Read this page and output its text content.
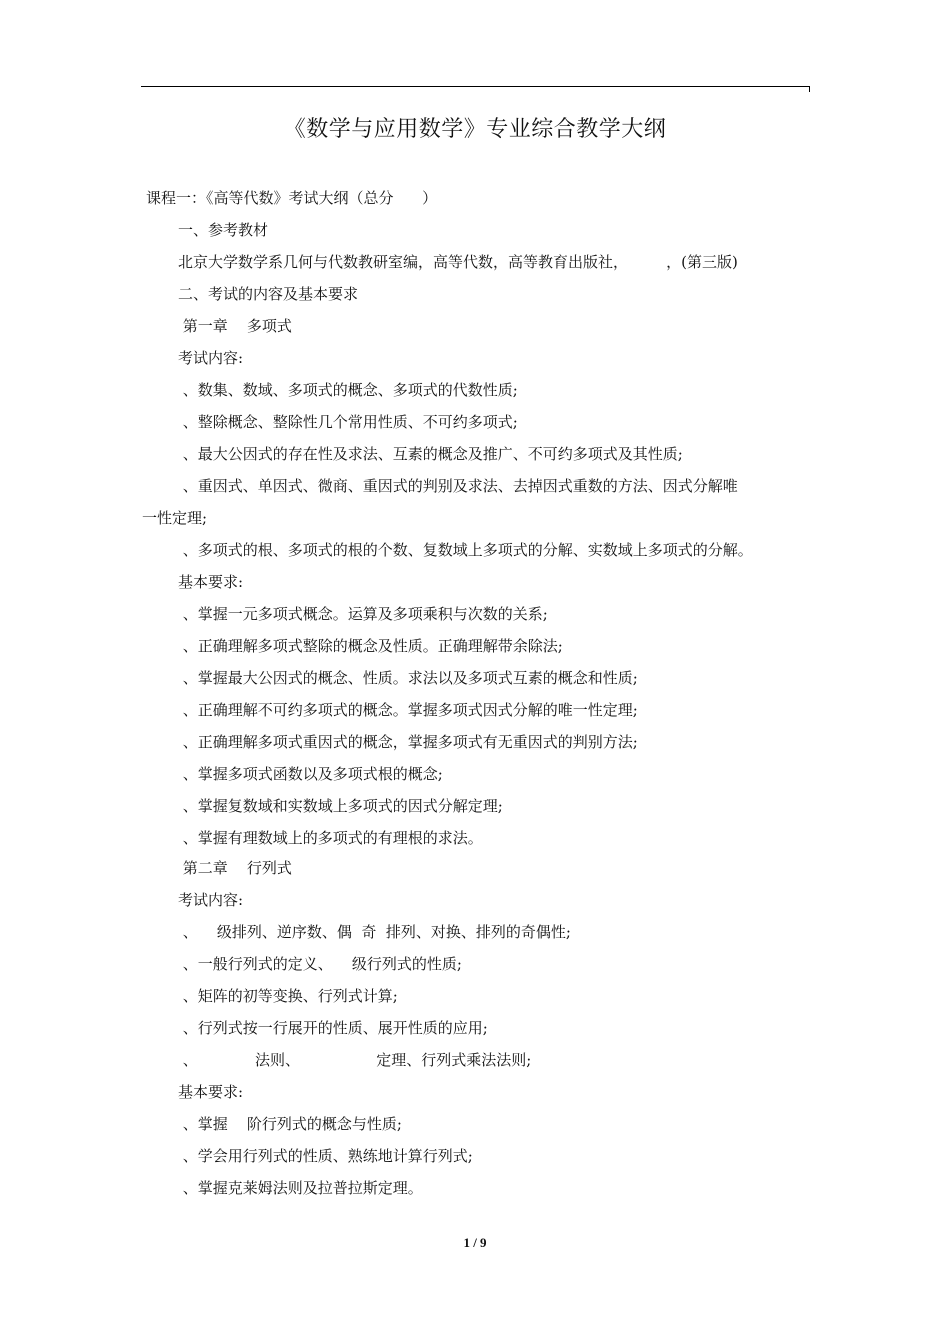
《数学与应用数学》专业综合教学大纲
课程一：《高等代数》考试大纲（总分      ）
一、参考教材
北京大学数学系几何与代数教研室编，高等代数，高等教育出版社，        ，(第三版)
二、考试的内容及基本要求
第一章    多项式
考试内容:
、数集、数域、多项式的概念、多项式的代数性质;
、整除概念、整除性几个常用性质、不可约多项式;
、最大公因式的存在性及求法、互素的概念及推广、不可约多项式及其性质;
、重因式、单因式、微商、重因式的判别及求法、去掉因式重数的方法、因式分解唯
一性定理;
、多项式的根、多项式的根的个数、复数域上多项式的分解、实数域上多项式的分解。
基本要求:
、掌握一元多项式概念。运算及多项乘积与次数的关系;
、正确理解多项式整除的概念及性质。正确理解带余除法;
、掌握最大公因式的概念、性质。求法以及多项式互素的概念和性质;
、正确理解不可约多项式的概念。掌握多项式因式分解的唯一性定理;
、正确理解多项式重因式的概念，掌握多项式有无重因式的判别方法;
、掌握多项式函数以及多项式根的概念;
、掌握复数域和实数域上多项式的因式分解定理;
、掌握有理数域上的多项式的有理根的求法。
第二章    行列式
考试内容:
、    级排列、逆序数、偶  奇  排列、对换、排列的奇偶性;
、一般行列式的定义、    级行列式的性质;
、矩阵的初等变换、行列式计算;
、行列式按一行展开的性质、展开性质的应用;
、            法则、                定理、行列式乘法法则;
基本要求:
、掌握    阶行列式的概念与性质;
、学会用行列式的性质、熟练地计算行列式;
、掌握克莱姆法则及拉普拉斯定理。
1 / 9
